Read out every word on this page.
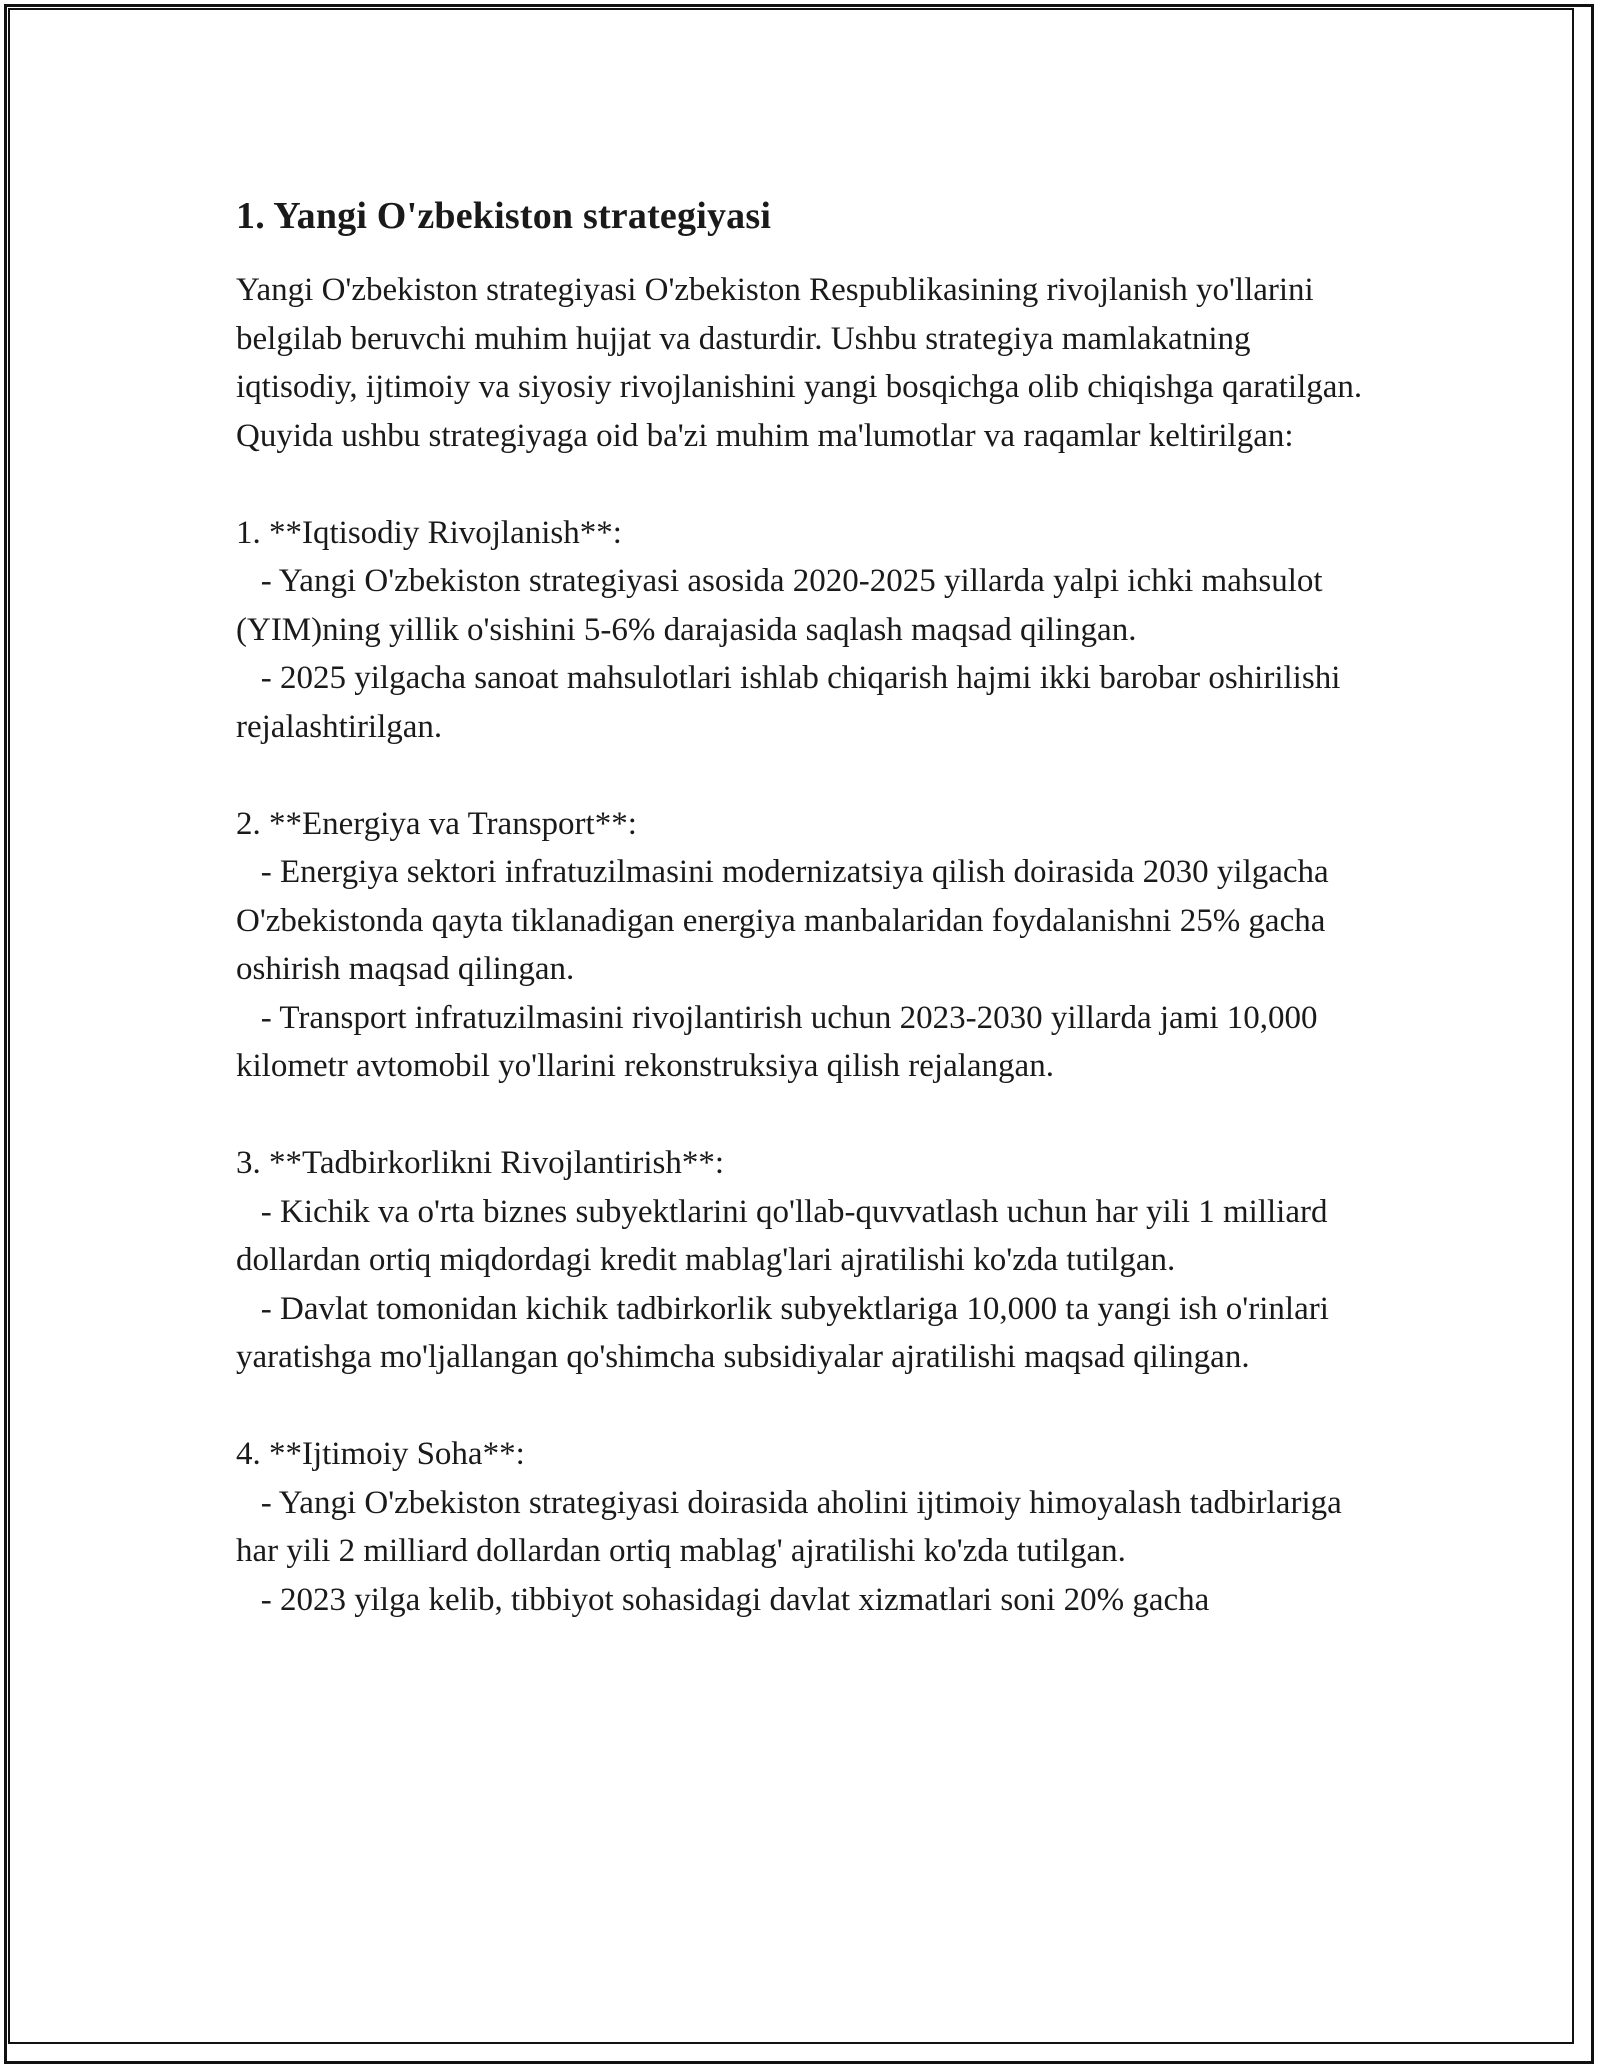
1. Yangi O'zbekiston strategiyasi

Yangi O'zbekiston strategiyasi O'zbekiston Respublikasining rivojlanish yo'llarini belgilab beruvchi muhim hujjat va dasturdir. Ushbu strategiya mamlakatning iqtisodiy, ijtimoiy va siyosiy rivojlanishini yangi bosqichga olib chiqishga qaratilgan. Quyida ushbu strategiyaga oid ba'zi muhim ma'lumotlar va raqamlar keltirilgan:

1. **Iqtisodiy Rivojlanish**:
- Yangi O'zbekiston strategiyasi asosida 2020-2025 yillarda yalpi ichki mahsulot (YIM)ning yillik o'sishini 5-6% darajasida saqlash maqsad qilingan.
- 2025 yilgacha sanoat mahsulotlari ishlab chiqarish hajmi ikki barobar oshirilishi rejalashtirilgan.

2. **Energiya va Transport**:
- Energiya sektori infratuzilmasini modernizatsiya qilish doirasida 2030 yilgacha O'zbekistonda qayta tiklanadigan energiya manbalaridan foydalanishni 25% gacha oshirish maqsad qilingan.
- Transport infratuzilmasini rivojlantirish uchun 2023-2030 yillarda jami 10,000 kilometr avtomobil yo'llarini rekonstruksiya qilish rejalangan.

3. **Tadbirkorlikni Rivojlantirish**:
- Kichik va o'rta biznes subyektlarini qo'llab-quvvatlash uchun har yili 1 milliard dollardan ortiq miqdordagi kredit mablag'lari ajratilishi ko'zda tutilgan.
- Davlat tomonidan kichik tadbirkorlik subyektlariga 10,000 ta yangi ish o'rinlari yaratishga mo'ljallangan qo'shimcha subsidiyalar ajratilishi maqsad qilingan.

4. **Ijtimoiy Soha**:
- Yangi O'zbekiston strategiyasi doirasida aholini ijtimoiy himoyalash tadbirlariga har yili 2 milliard dollardan ortiq mablag' ajratilishi ko'zda tutilgan.
- 2023 yilga kelib, tibbiyot sohasidagi davlat xizmatlari soni 20% gacha
